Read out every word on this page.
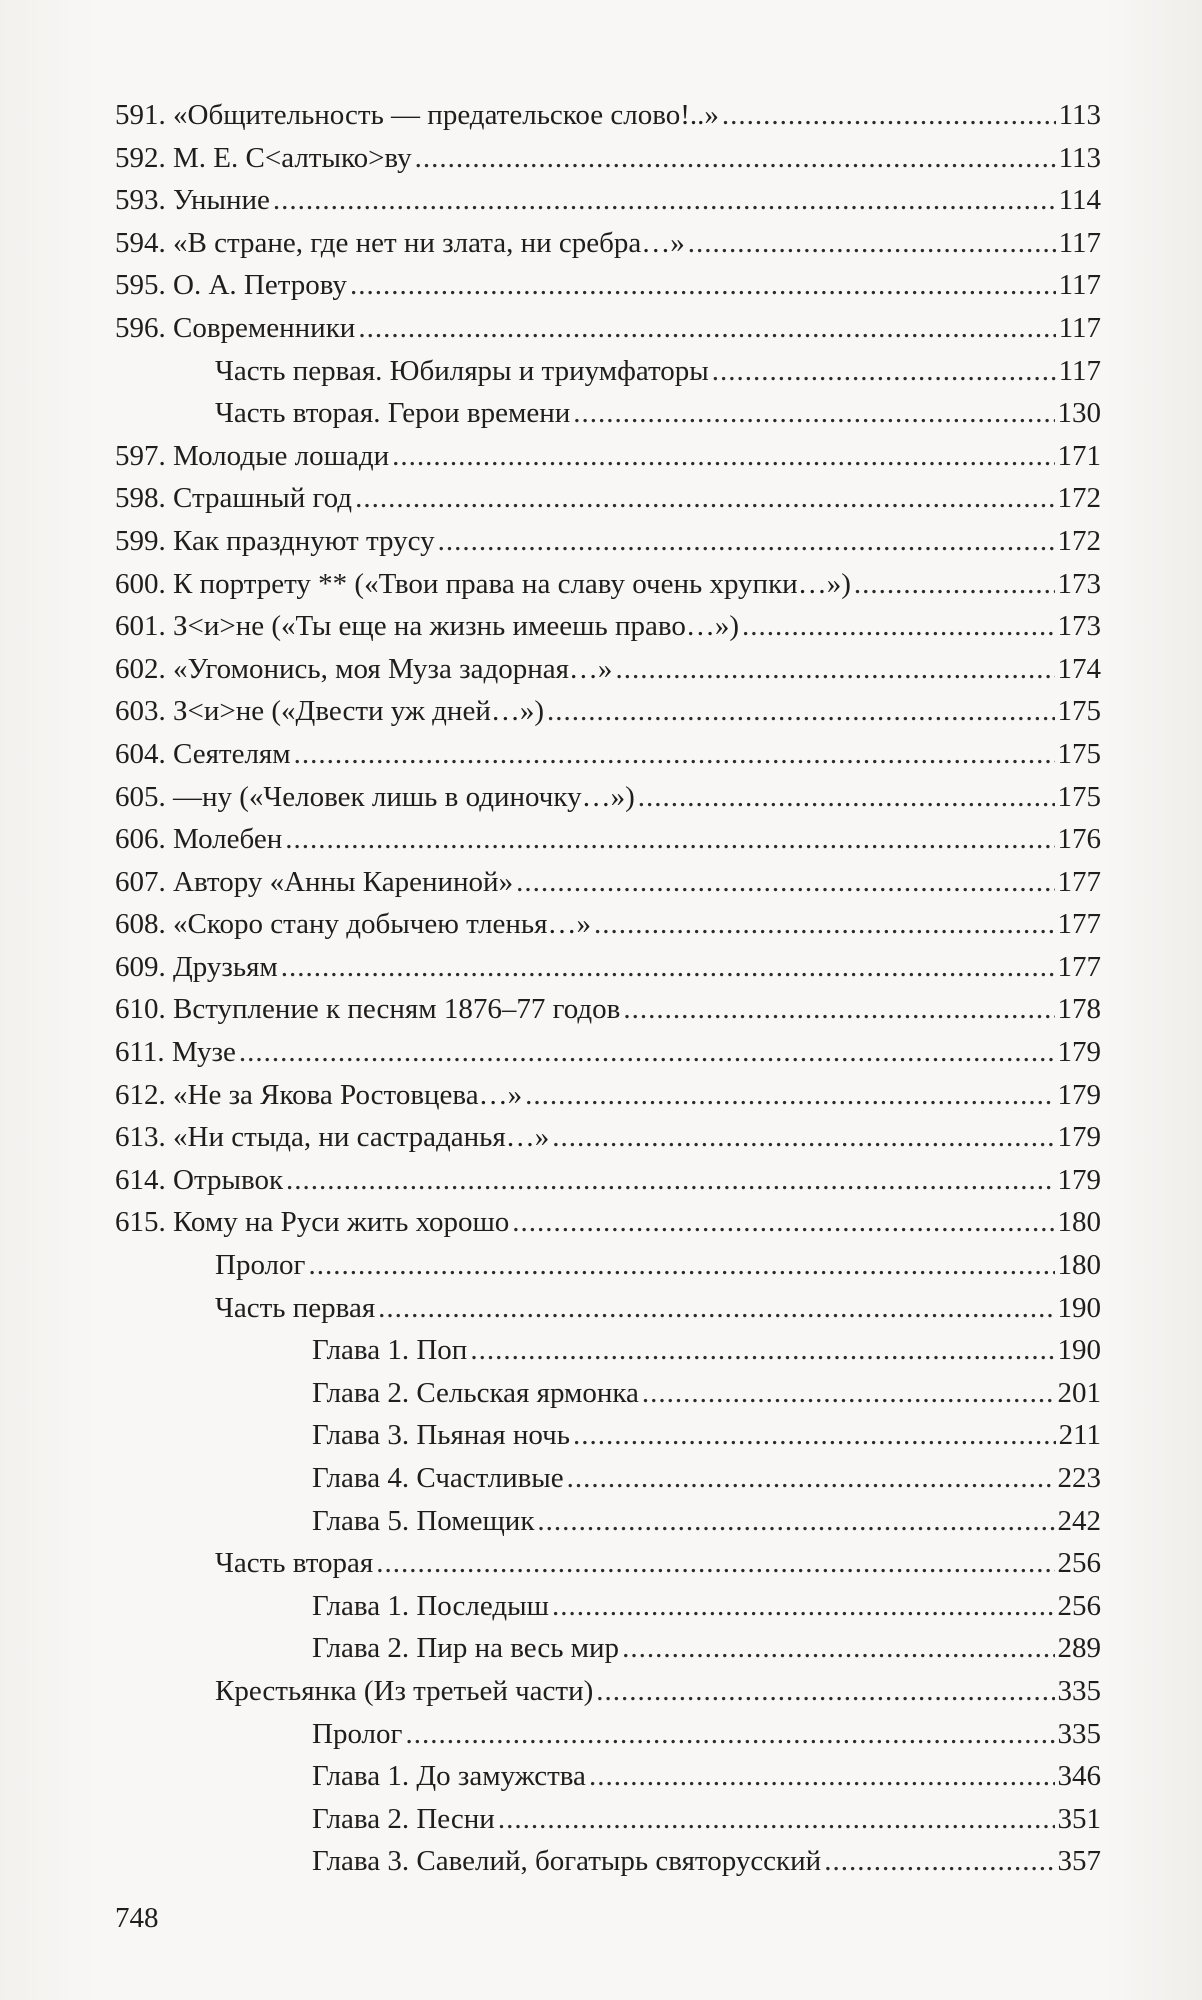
591. «Общительность — предательское слово!..» .....	113
592. М. Е. С<алтыко>ву .....	113
593. Уныние .....	114
594. «В стране, где нет ни злата, ни сребра…» .....	117
595. О. А. Петрову .....	117
596. Современники .....	117
Часть первая. Юбиляры и триумфаторы .....	117
Часть вторая. Герои времени .....	130
597. Молодые лошади .....	171
598. Страшный год .....	172
599. Как празднуют трусу .....	172
600. К портрету ** («Твои права на славу очень хрупки…») .....	173
601. З<и>не («Ты еще на жизнь имеешь право…») .....	173
602. «Угомонись, моя Муза задорная…» .....	174
603. З<и>не («Двести уж дней…») .....	175
604. Сеятелям .....	175
605. —ну («Человек лишь в одиночку…») .....	175
606. Молебен .....	176
607. Автору «Анны Карениной» .....	177
608. «Скоро стану добычею тленья…» .....	177
609. Друзьям .....	177
610. Вступление к песням 1876–77 годов .....	178
611. Музе .....	179
612. «Не за Якова Ростовцева…» .....	179
613. «Ни стыда, ни састраданья…» .....	179
614. Отрывок .....	179
615. Кому на Руси жить хорошо .....	180
Пролог .....	180
Часть первая .....	190
Глава 1. Поп .....	190
Глава 2. Сельская ярмонка .....	201
Глава 3. Пьяная ночь .....	211
Глава 4. Счастливые .....	223
Глава 5. Помещик .....	242
Часть вторая .....	256
Глава 1. Последыш .....	256
Глава 2. Пир на весь мир .....	289
Крестьянка (Из третьей части) .....	335
Пролог .....	335
Глава 1. До замужства .....	346
Глава 2. Песни .....	351
Глава 3. Савелий, богатырь святорусский .....	357
748
